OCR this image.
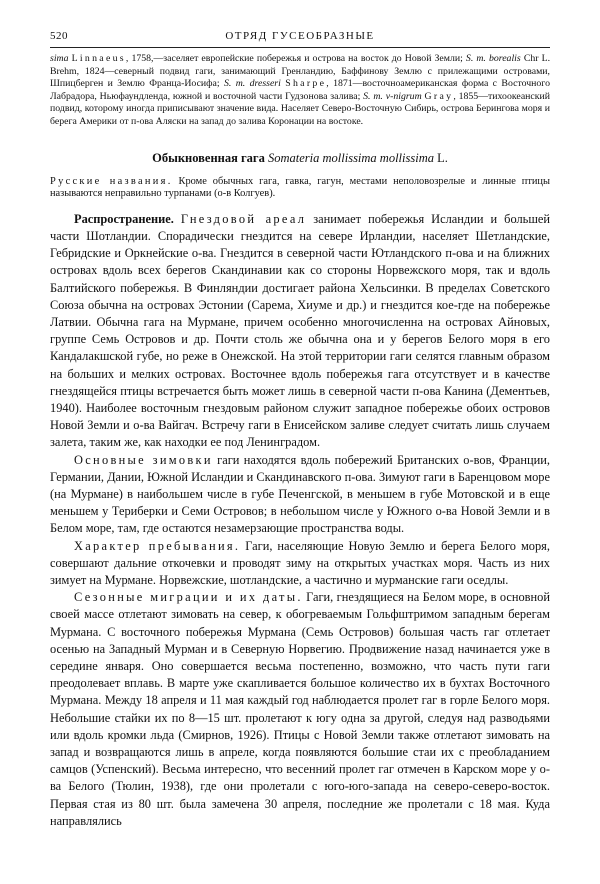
520	ОТРЯД ГУСЕОБРАЗНЫЕ
sima Linnaeus, 1758,—заселяет европейские побережья и острова на восток до Новой Земли; S. m. borealis Chr L. Brehm, 1824—северный подвид гаги, занимающий Гренландию, Баффинову Землю с прилежащими островами, Шпицберген и Землю Франца-Иосифа; S. m. dresseri Sharpe, 1871—восточноамериканская форма с Восточного Лабрадора, Ньюфаундленда, южной и восточной части Гудзонова залива; S. m. v-nigrum Gray, 1855—тихоокеанский подвид, которому иногда приписывают значение вида. Населяет Северо-Восточную Сибирь, острова Берингова моря и берега Америки от п-ова Аляски на запад до залива Коронации на востоке.
Обыкновенная гага Somateria mollissima mollissima L.
Русские названия. Кроме обычных гага, гавка, гагун, местами неполовозрелые и линные птицы называются неправильно турпанами (о-в Колгуев).

Распространение. Гнездовой ареал занимает побережья Исландии и большей части Шотландии. Спорадически гнездится на севере Ирландии, населяет Шетландские, Гебридские и Оркнейские о-ва. Гнездится в северной части Ютландского п-ова и на ближних островах вдоль всех берегов Скандинавии как со стороны Норвежского моря, так и вдоль Балтийского побережья. В Финляндии достигает района Хельсинки. В пределах Советского Союза обычна на островах Эстонии (Сарема, Хиуме и др.) и гнездится кое-где на побережье Латвии. Обычна гага на Мурмане, причем особенно многочисленна на островах Айновых, группе Семь Островов и др. Почти столь же обычна она и у берегов Белого моря в его Кандалакшской губе, но реже в Онежской. На этой территории гаги селятся главным образом на больших и мелких островах. Восточнее вдоль побережья гага отсутствует и в качестве гнездящейся птицы встречается быть может лишь в северной части п-ова Канина (Дементьев, 1940). Наиболее восточным гнездовым районом служит западное побережье обоих островов Новой Земли и о-ва Вайгач. Встречу гаги в Енисейском заливе следует считать лишь случаем залета, таким же, как находки ее под Ленинградом.

Основные зимовки гаги находятся вдоль побережий Британских о-вов, Франции, Германии, Дании, Южной Исландии и Скандинавского п-ова. Зимуют гаги в Баренцовом море (на Мурмане) в наибольшем числе в губе Печенгской, в меньшем в губе Мотовской и в еще меньшем у Териберки и Семи Островов; в небольшом числе у Южного о-ва Новой Земли и в Белом море, там, где остаются незамерзающие пространства воды.

Характер пребывания. Гаги, населяющие Новую Землю и берега Белого моря, совершают дальние откочевки и проводят зиму на открытых участках моря. Часть из них зимует на Мурмане. Норвежские, шотландские, а частично и мурманские гаги оседлы.

Сезонные миграции и их даты. Гаги, гнездящиеся на Белом море, в основной своей массе отлетают зимовать на север, к обогреваемым Гольфштримом западным берегам Мурмана. С восточного побережья Мурмана (Семь Островов) большая часть гаг отлетает осенью на Западный Мурман и в Северную Норвегию. Продвижение назад начинается уже в середине января. Оно совершается весьма постепенно, возможно, что часть пути гаги преодолевает вплавь. В марте уже скапливается большое количество их в бухтах Восточного Мурмана. Между 18 апреля и 11 мая каждый год наблюдается пролет гаг в горле Белого моря. Небольшие стайки их по 8—15 шт. пролетают к югу одна за другой, следуя над разводьями или вдоль кромки льда (Смирнов, 1926). Птицы с Новой Земли также отлетают зимовать на запад и возвращаются лишь в апреле, когда появляются большие стаи их с преобладанием самцов (Успенский). Весьма интересно, что весенний пролет гаг отмечен в Карском море у о-ва Белого (Тюлин, 1938), где они пролетали с юго-юго-запада на северо-северо-восток. Первая стая из 80 шт. была замечена 30 апреля, последние же пролетали с 18 мая. Куда направлялись
